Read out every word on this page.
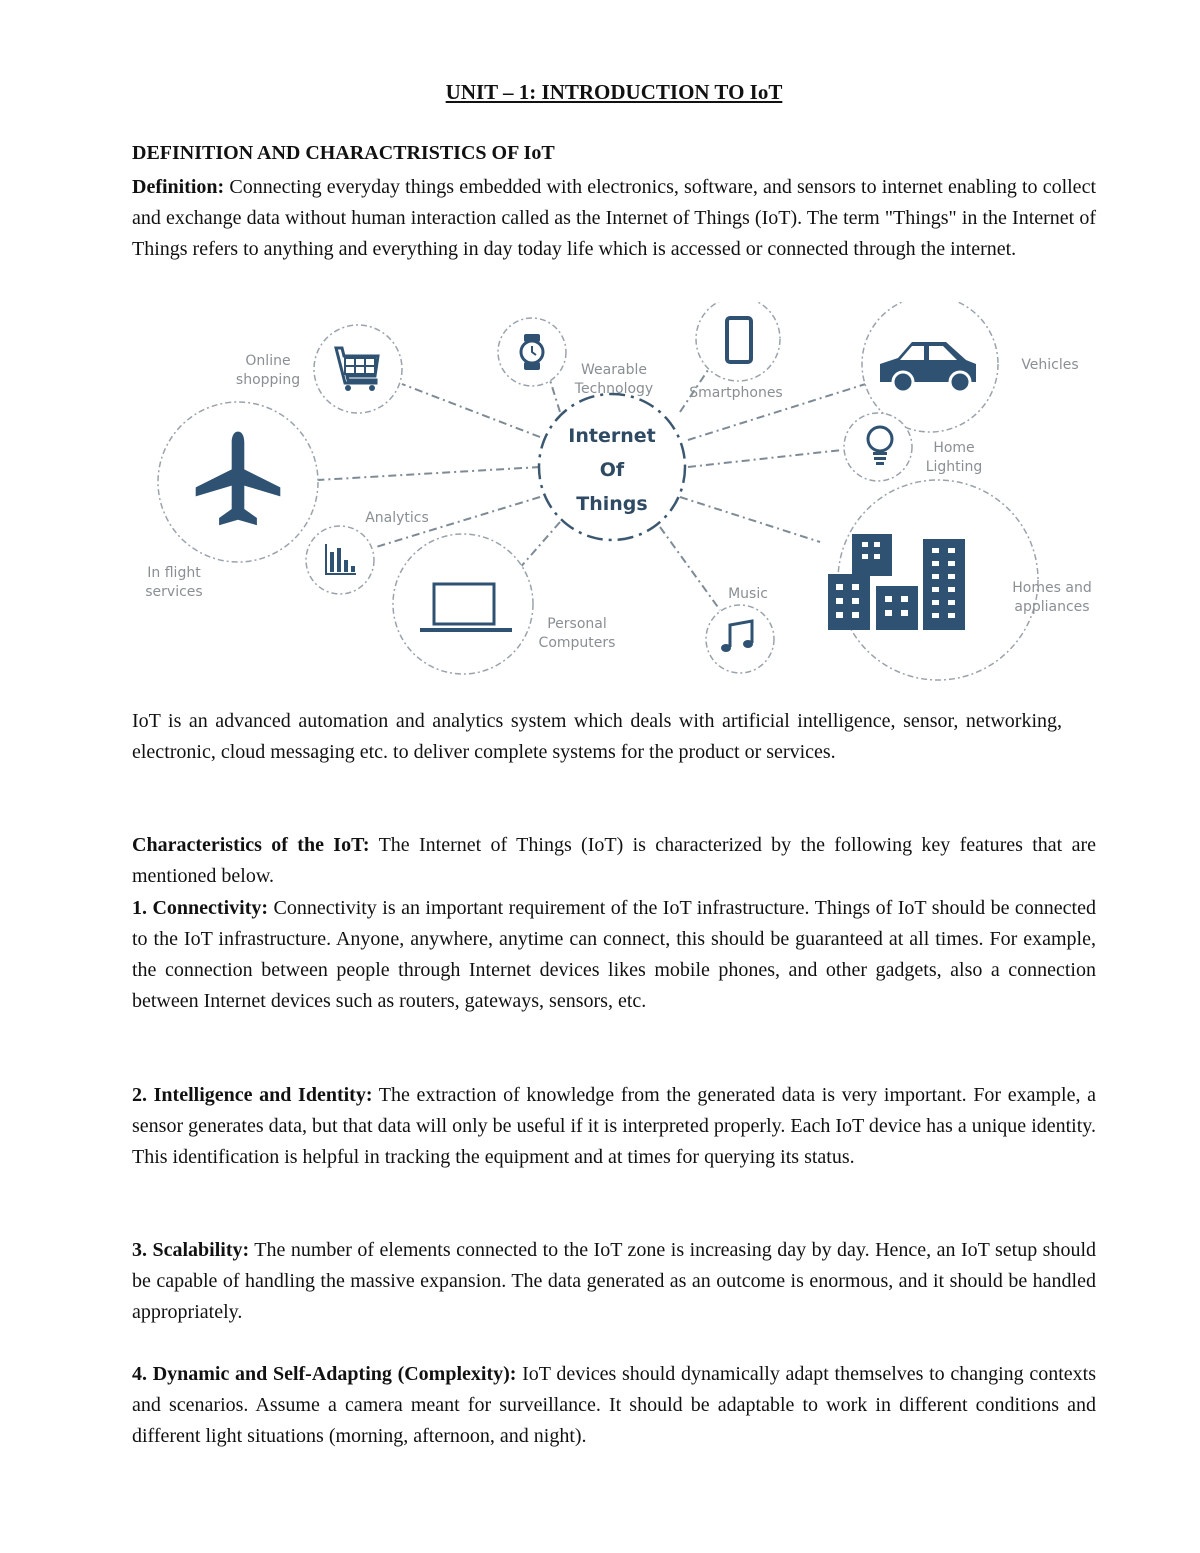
UNIT – 1: INTRODUCTION TO IoT
DEFINITION AND CHARACTRISTICS OF IoT
Definition: Connecting everyday things embedded with electronics, software, and sensors to internet enabling to collect and exchange data without human interaction called as the Internet of Things (IoT). The term "Things" in the Internet of Things refers to anything and everything in day today life which is accessed or connected through the internet.
IoT is an advanced automation and analytics system which deals with artificial intelligence, sensor, networking, electronic, cloud messaging etc. to deliver complete systems for the product or services.
Characteristics of the IoT: The Internet of Things (IoT) is characterized by the following key features that are mentioned below.
1. Connectivity: Connectivity is an important requirement of the IoT infrastructure. Things of IoT should be connected to the IoT infrastructure. Anyone, anywhere, anytime can connect, this should be guaranteed at all times. For example, the connection between people through Internet devices likes mobile phones, and other gadgets, also a connection between Internet devices such as routers, gateways, sensors, etc.
2. Intelligence and Identity: The extraction of knowledge from the generated data is very important. For example, a sensor generates data, but that data will only be useful if it is interpreted properly. Each IoT device has a unique identity. This identification is helpful in tracking the equipment and at times for querying its status.
3. Scalability: The number of elements connected to the IoT zone is increasing day by day. Hence, an IoT setup should be capable of handling the massive expansion. The data generated as an outcome is enormous, and it should be handled appropriately.
4. Dynamic and Self-Adapting (Complexity): IoT devices should dynamically adapt themselves to changing contexts and scenarios. Assume a camera meant for surveillance. It should be adaptable to work in different conditions and different light situations (morning, afternoon, and night).
Internet
Of
Things
Online
shopping
Wearable
Technology	Smartphones
Vehicles
Home
Lighting
Homes and
appliances
Music
Personal
Computers
Analytics
In flight
services
